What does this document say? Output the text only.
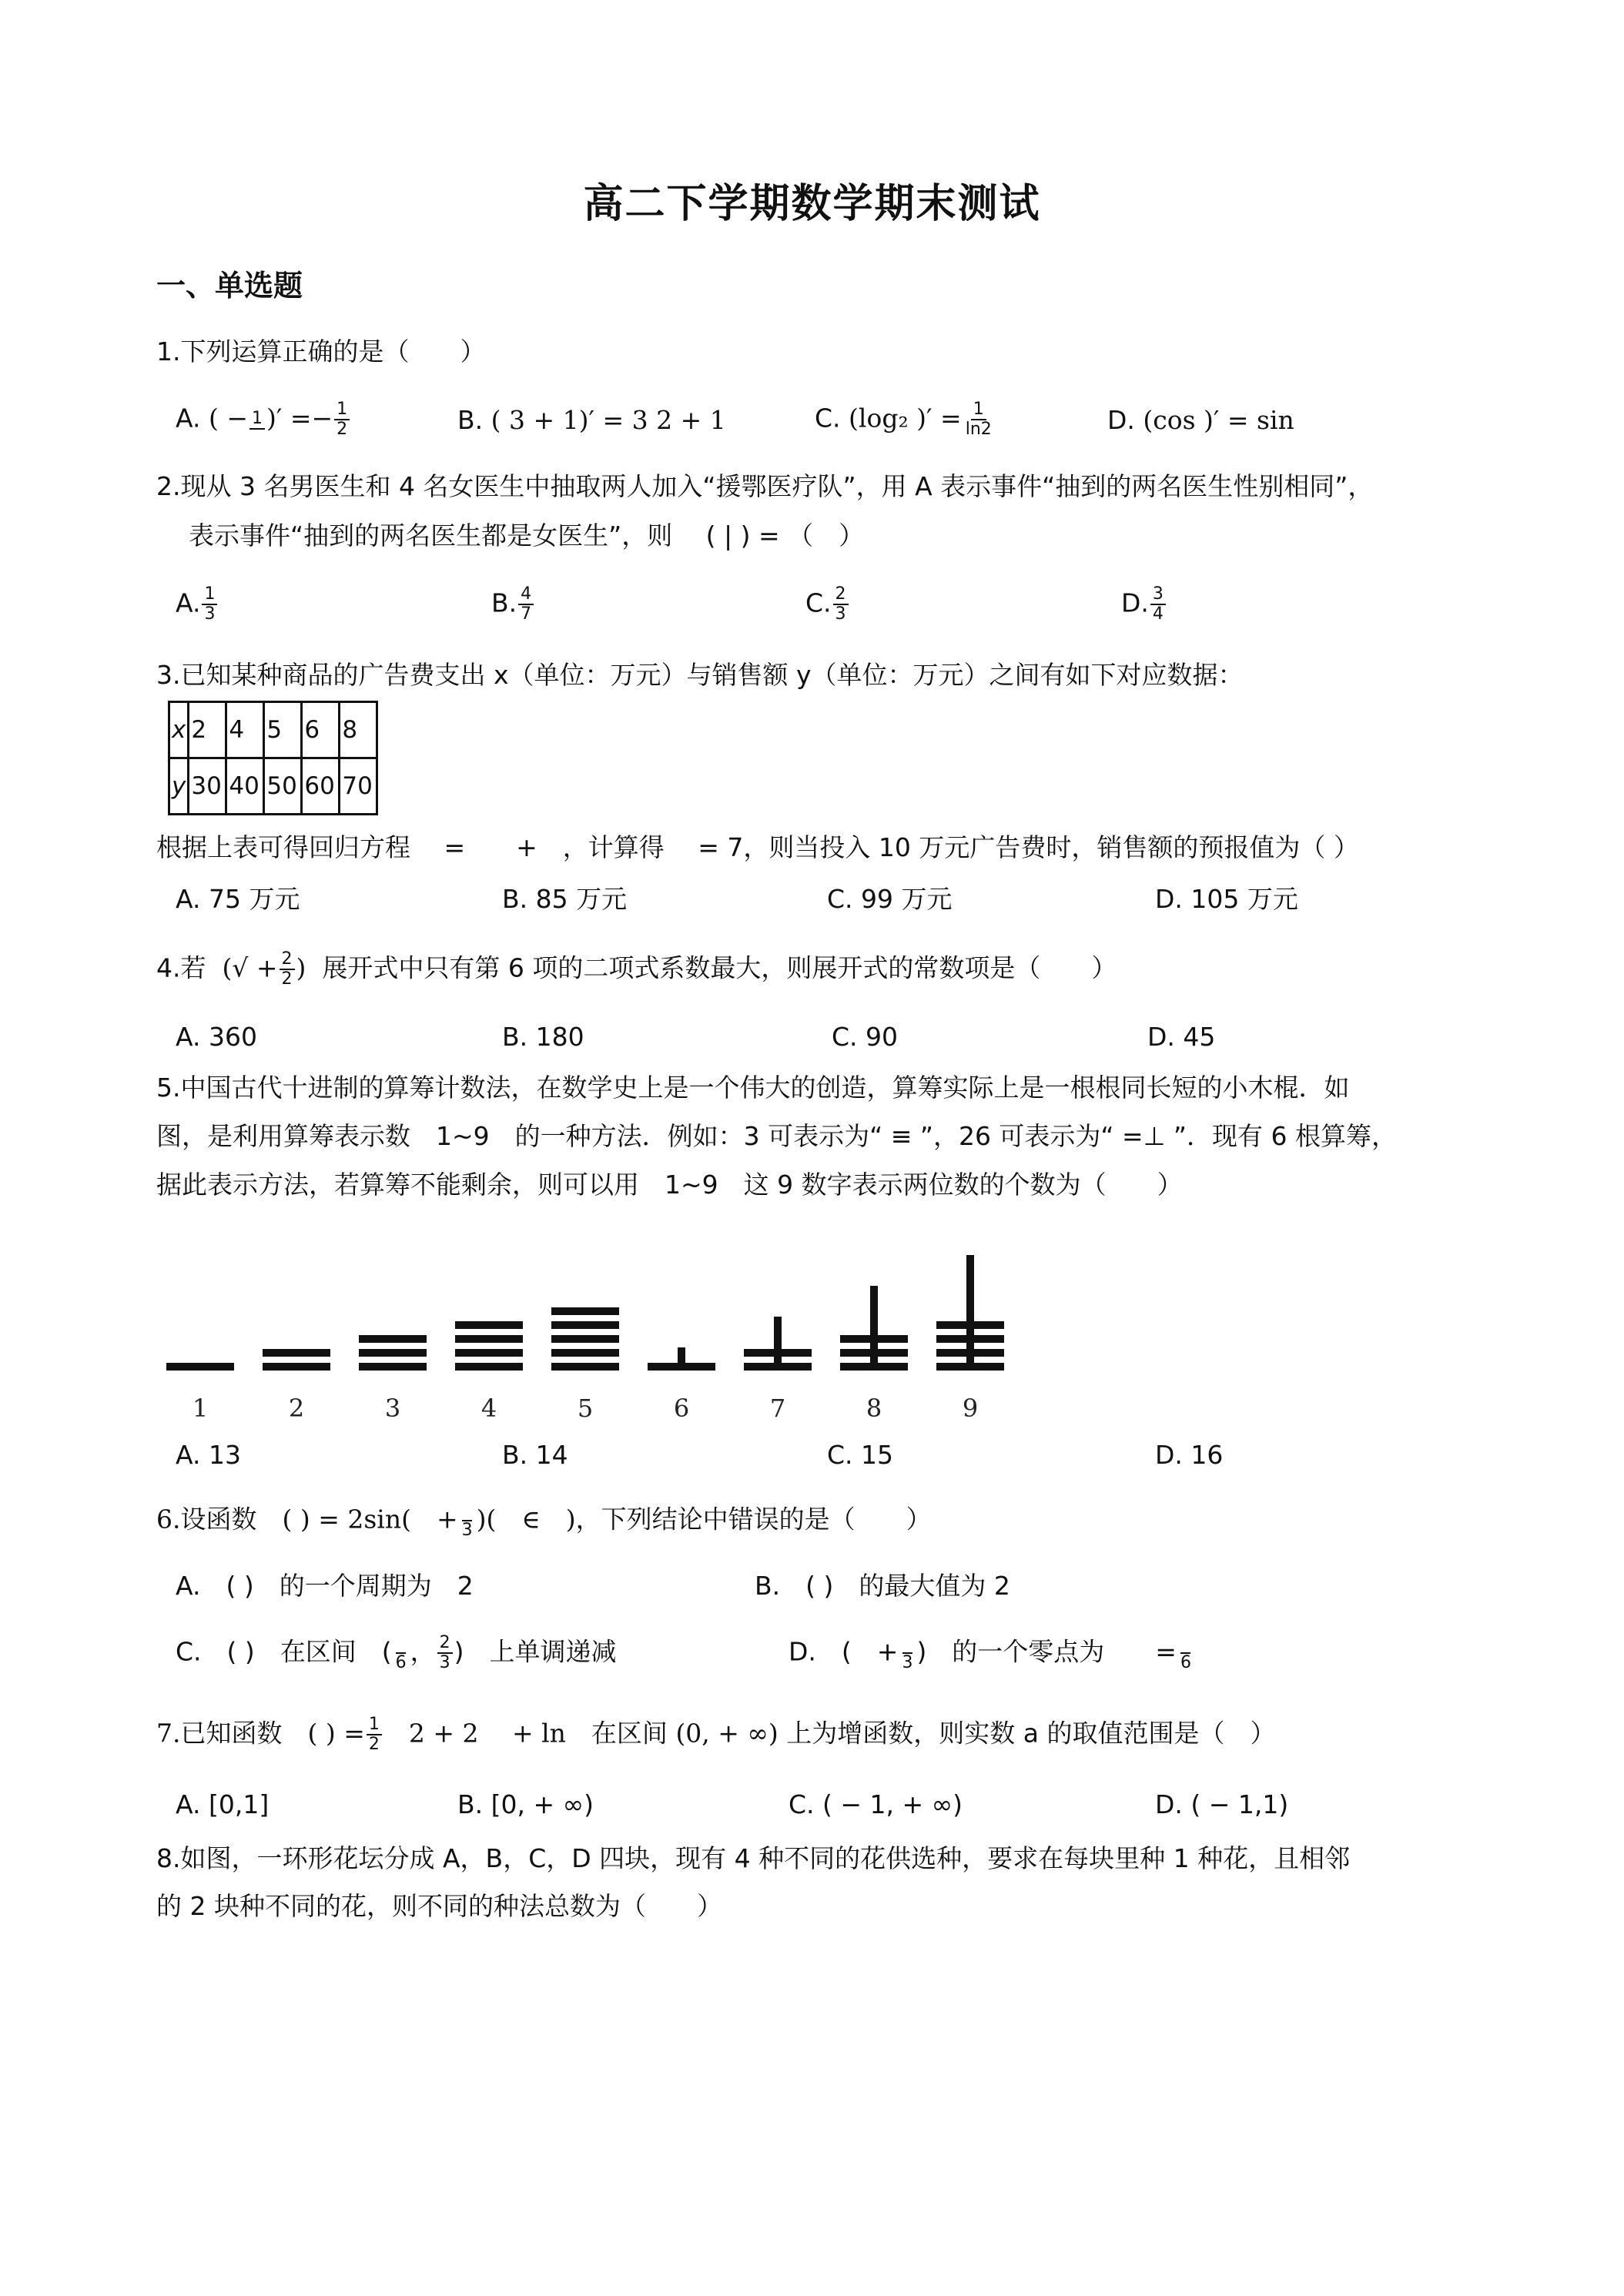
高二下学期数学期末测试
一、单选题
1.下列运算正确的是（　　）
A. ( − 1 )′ =− $\frac{1}{2}$	B. ( 3 + 1)′ = 3 2 + 1	C. (log₂ )′ = $\frac{1}{\ln 2}$	D. (cos )′ = sin
2.现从 3 名男医生和 4 名女医生中抽取两人加入“援鄂医疗队”，用 A 表示事件“抽到的两名医生性别相同”，
表示事件“抽到的两名医生都是女医生”，则　 ( | ) = （　）
A. $\frac{1}{3}$	B. $\frac{4}{7}$	C. $\frac{2}{3}$	D. $\frac{3}{4}$
3.已知某种商品的广告费支出 x（单位：万元）与销售额 y（单位：万元）之间有如下对应数据：
x	2	4	5	6	8
y	30	40	50	60	70
根据上表可得回归方程　 =　　+　，计算得　 = 7，则当投入 10 万元广告费时，销售额的预报值为（ ）
A. 75 万元	B. 85 万元	C. 99 万元	D. 105 万元
4.若 (√ + $\frac{2}{2}$ ) 展开式中只有第 6 项的二项式系数最大，则展开式的常数项是（　　）
A. 360	B. 180	C. 90	D. 45
5.中国古代十进制的算筹计数法，在数学史上是一个伟大的创造，算筹实际上是一根根同长短的小木棍．如
图，是利用算筹表示数　1~9　的一种方法．例如：3 可表示为“ ≡ ”，26 可表示为“ =⊥ ”．现有 6 根算筹，
据此表示方法，若算筹不能剩余，则可以用　1~9　这 9 数字表示两位数的个数为（　　）
1	2	3	4	5	6	7	8	9
A. 13	B. 14	C. 15	D. 16
6.设函数　( ) = 2sin(　+
3 )(　∈　)，下列结论中错误的是（　　）
A.　( )　的一个周期为　2	B.　( )　的最大值为 2
C.　( )　在区间　(
6 ， $\frac{2}{3}$ )　上单调递减	D.　(　+
3 )　的一个零点为　　=
6
7.已知函数　( ) = $\frac{1}{2}$ 　2 + 2　 + ln　在区间 (0, + ∞) 上为增函数，则实数 a 的取值范围是（　）
A. [0,1]	B. [0, + ∞)	C. ( − 1, + ∞)	D. ( − 1,1)
8.如图，一环形花坛分成 A，B，C，D 四块，现有 4 种不同的花供选种，要求在每块里种 1 种花，且相邻
的 2 块种不同的花，则不同的种法总数为（　　）
